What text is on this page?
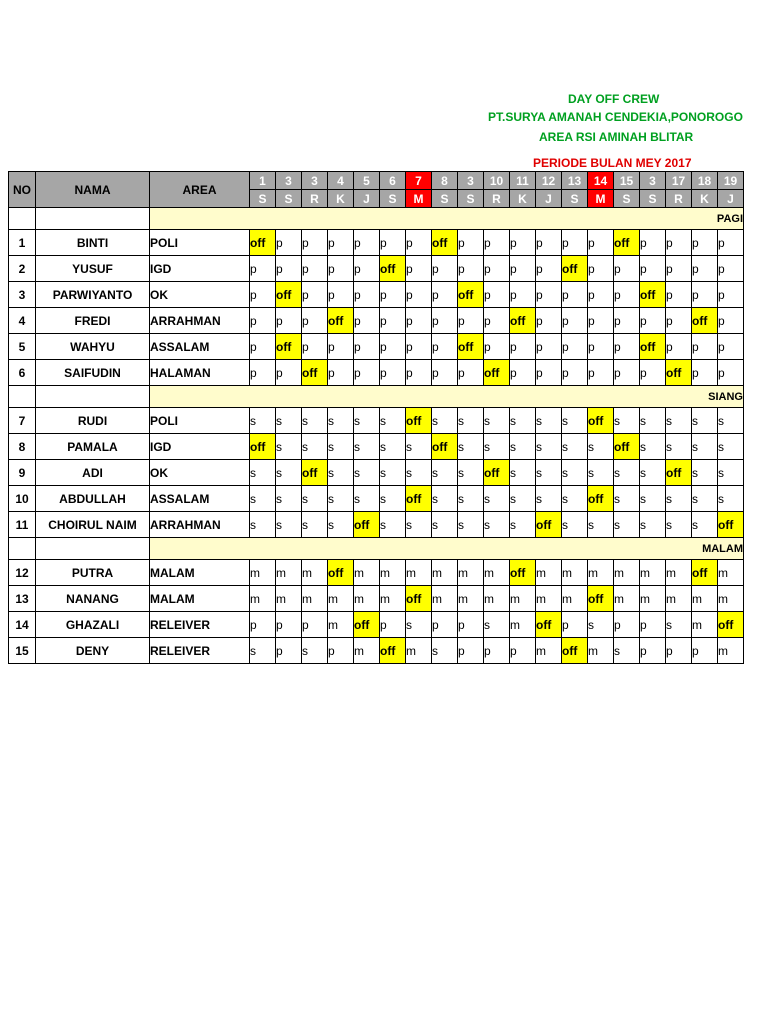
DAY OFF CREW
PT.SURYA AMANAH CENDEKIA,PONOROGO
AREA RSI AMINAH BLITAR
PERIODE BULAN MEY 2017
NO	NAMA	AREA	1	3	3	4	5	6	7	8	3	10	11	12	13	14	15	3	17	18	19
			S	S	R	K	J	S	M	S	S	R	K	J	S	M	S	S	R	K	J
		PAGI																			
1	BINTI	POLI	off	p	p	p	p	p	p	off	p	p	p	p	p	p	off	p	p	p	p
2	YUSUF	IGD	p	p	p	p	p	off	p	p	p	p	p	p	off	p	p	p	p	p	p
3	PARWIYANTO	OK	p	off	p	p	p	p	p	p	off	p	p	p	p	p	p	off	p	p	p
4	FREDI	ARRAHMAN	p	p	p	off	p	p	p	p	p	p	off	p	p	p	p	p	p	off	p
5	WAHYU	ASSALAM	p	off	p	p	p	p	p	p	off	p	p	p	p	p	p	off	p	p	p
6	SAIFUDIN	HALAMAN	p	p	off	p	p	p	p	p	p	off	p	p	p	p	p	p	off	p	p
		SIANG																			
7	RUDI	POLI	s	s	s	s	s	s	off	s	s	s	s	s	s	off	s	s	s	s	s
8	PAMALA	IGD	off	s	s	s	s	s	s	off	s	s	s	s	s	s	off	s	s	s	s
9	ADI	OK	s	s	off	s	s	s	s	s	s	off	s	s	s	s	s	s	off	s	s
10	ABDULLAH	ASSALAM	s	s	s	s	s	s	off	s	s	s	s	s	s	off	s	s	s	s	s
11	CHOIRUL NAIM	ARRAHMAN	s	s	s	s	off	s	s	s	s	s	s	off	s	s	s	s	s	s	off
		MALAM																			
12	PUTRA	MALAM	m	m	m	off	m	m	m	m	m	m	off	m	m	m	m	m	m	off	m
13	NANANG	MALAM	m	m	m	m	m	m	off	m	m	m	m	m	m	off	m	m	m	m	m
14	GHAZALI	RELEIVER	p	p	p	m	off	p	s	p	p	s	m	off	p	s	p	p	s	m	off
15	DENY	RELEIVER	s	p	s	p	m	off	m	s	p	p	p	m	off	m	s	p	p	p	m
